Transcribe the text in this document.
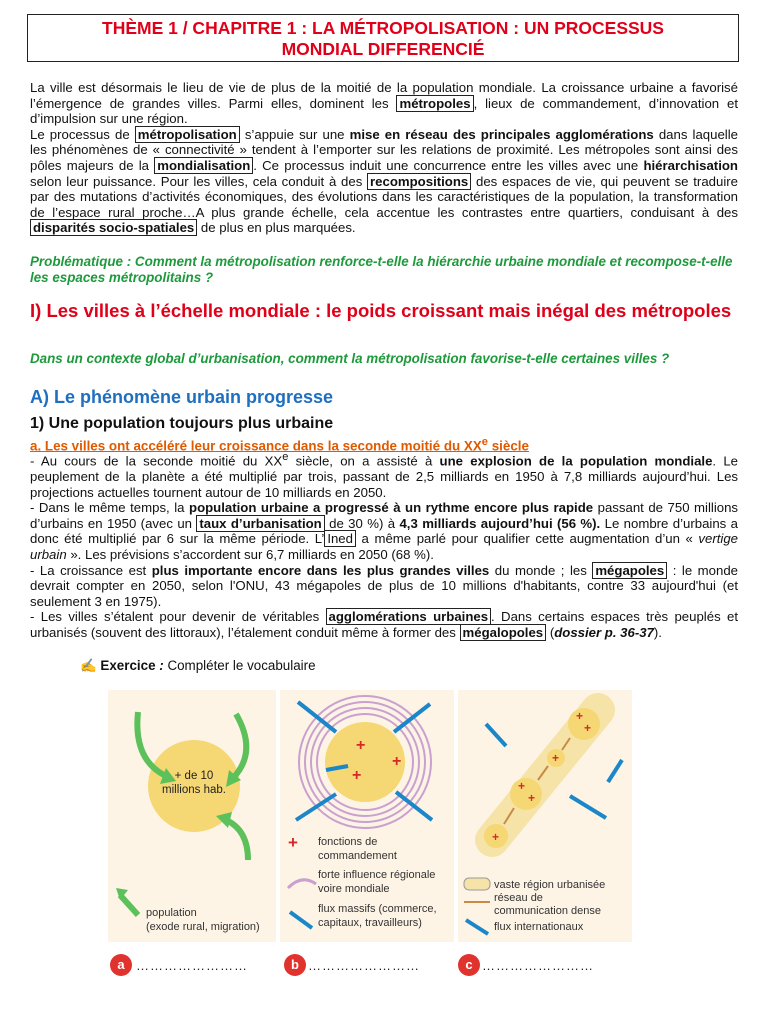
THÈME 1 / CHAPITRE 1 : LA MÉTROPOLISATION : UN PROCESSUS
MONDIAL DIFFERENCIÉ

La ville est désormais le lieu de vie de plus de la moitié de la population mondiale. La croissance urbaine a favorisé l’émergence de grandes villes. Parmi elles, dominent les métropoles , lieux de commandement, d’innovation et d’impulsion sur une région.

Le processus de métropolisation s’appuie sur une mise en réseau des principales agglomérations dans laquelle les phénomènes de « connectivité » tendent à l’emporter sur les relations de proximité. Les métropoles sont ainsi des pôles majeurs de la mondialisation . Ce processus induit une concurrence entre les villes avec une hiérarchisation selon leur puissance. Pour les villes, cela conduit à des recompositions des espaces de vie, qui peuvent se traduire par des mutations d’activités économiques, des évolutions dans les caractéristiques de la population, la transformation de l’espace rural proche…A plus grande échelle, cela accentue les contrastes entre quartiers, conduisant à des disparités socio-spatiales de plus en plus marquées.

Problématique : Comment la métropolisation renforce-t-elle la hiérarchie urbaine mondiale et recompose-t-elle les espaces métropolitains ?
I) Les villes à l’échelle mondiale : le poids croissant mais inégal des métropoles
Dans un contexte global d’urbanisation, comment la métropolisation favorise-t-elle certaines villes ?
A) Le phénomène urbain progresse
1) Une population toujours plus urbaine
a. Les villes ont accéléré leur croissance dans la seconde moitié du XXe siècle

- Au cours de la seconde moitié du XXe siècle, on a assisté à une explosion de la population mondiale. Le peuplement de la planète a été multiplié par trois, passant de 2,5 milliards en 1950 à 7,8 milliards aujourd’hui. Les projections actuelles tournent autour de 10 milliards en 2050.

- Dans le même temps, la population urbaine a progressé à un rythme encore plus rapide passant de 750 millions d’urbains en 1950 (avec un taux d’urbanisation de 30 %) à 4,3 milliards aujourd’hui (56 %). Le nombre d’urbains a donc été multiplié par 6 sur la même période. L’ Ined a même parlé pour qualifier cette augmentation d’un « vertige urbain ». Les prévisions s’accordent sur 6,7 milliards en 2050 (68 %).

- La croissance est plus importante encore dans les plus grandes villes du monde ; les mégapoles : le monde devrait compter en 2050, selon l'ONU, 43 mégapoles de plus de 10 millions d'habitants, contre 33 aujourd'hui (et seulement 3 en 1975).

- Les villes s’étalent pour devenir de véritables agglomérations urbaines . Dans certains espaces très peuplés et urbanisés (souvent des littoraux), l’étalement conduit même à former des mégalopoles (dossier p. 36-37).

✍ Exercice : Compléter le vocabulaire
+ de 10
millions hab.
population
(exode rural, migration)
+
+
+
+ fonctions de
commandement
forte influence régionale
voire mondiale
flux massifs (commerce,
capitaux, travailleurs)
+
+
+
+
+
+
vaste région urbanisée
réseau de
communication dense
flux internationaux
a ……………………	b ……………………	c ……………………
